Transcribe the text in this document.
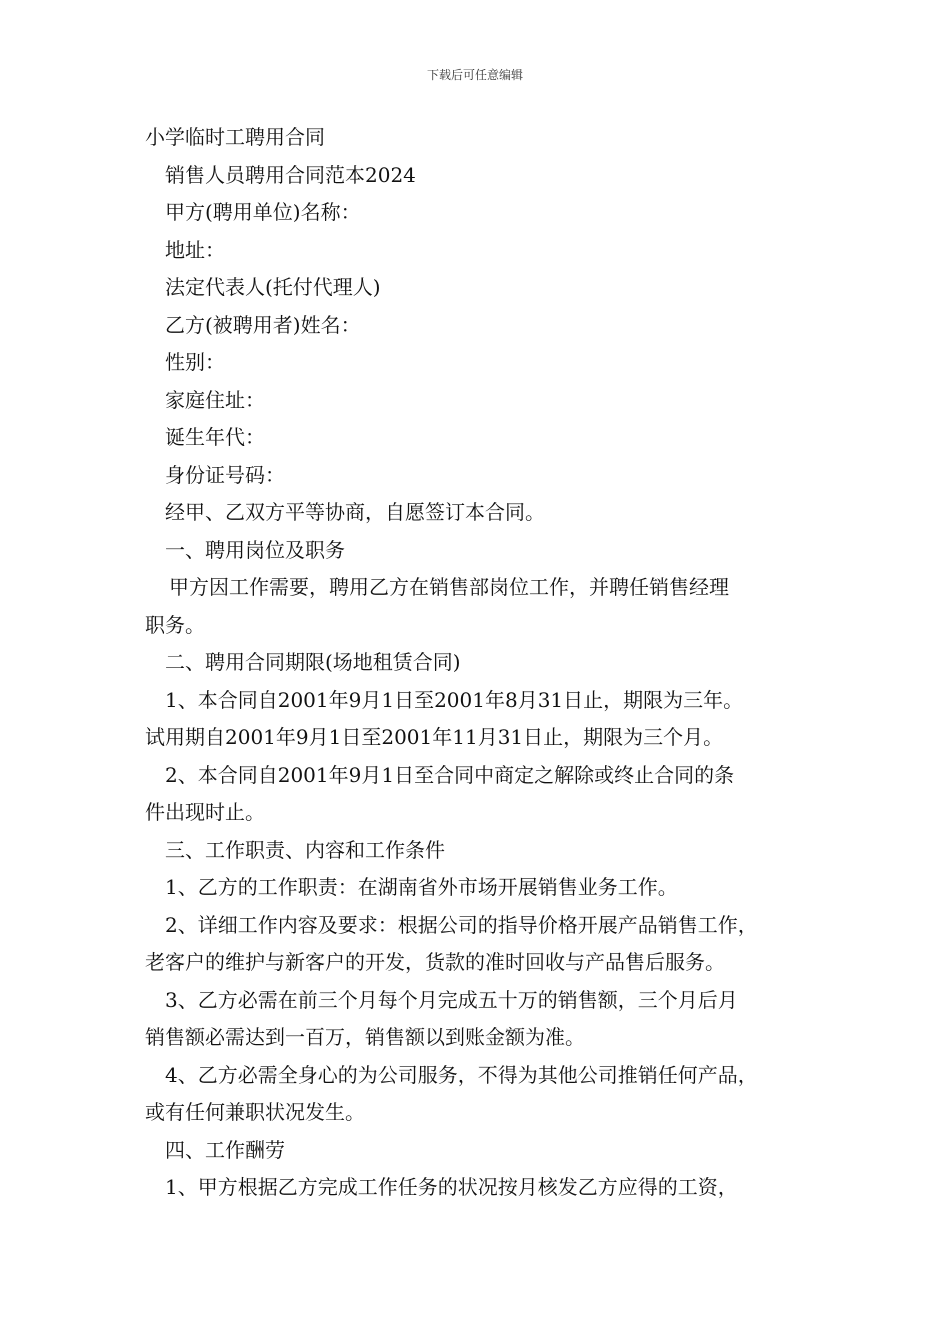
下载后可任意编辑

小学临时工聘用合同

销售人员聘用合同范本2024

甲方(聘用单位)名称：

地址：

法定代表人(托付代理人)

乙方(被聘用者)姓名：

性别：

家庭住址：

诞生年代：

身份证号码：

经甲、乙双方平等协商，自愿签订本合同。

一、聘用岗位及职务

甲方因工作需要，聘用乙方在销售部岗位工作，并聘任销售经理
职务。

二、聘用合同期限(场地租赁合同)

1、本合同自2001年9月1日至2001年8月31日止，期限为三年。
试用期自2001年9月1日至2001年11月31日止，期限为三个月。
2、本合同自2001年9月1日至合同中商定之解除或终止合同的条
件出现时止。

三、工作职责、内容和工作条件

1、乙方的工作职责：在湖南省外市场开展销售业务工作。

2、详细工作内容及要求：根据公司的指导价格开展产品销售工作，
老客户的维护与新客户的开发，货款的准时回收与产品售后服务。
3、乙方必需在前三个月每个月完成五十万的销售额，三个月后月
销售额必需达到一百万，销售额以到账金额为准。
4、乙方必需全身心的为公司服务，不得为其他公司推销任何产品，
或有任何兼职状况发生。

四、工作酬劳

1、甲方根据乙方完成工作任务的状况按月核发乙方应得的工资，
